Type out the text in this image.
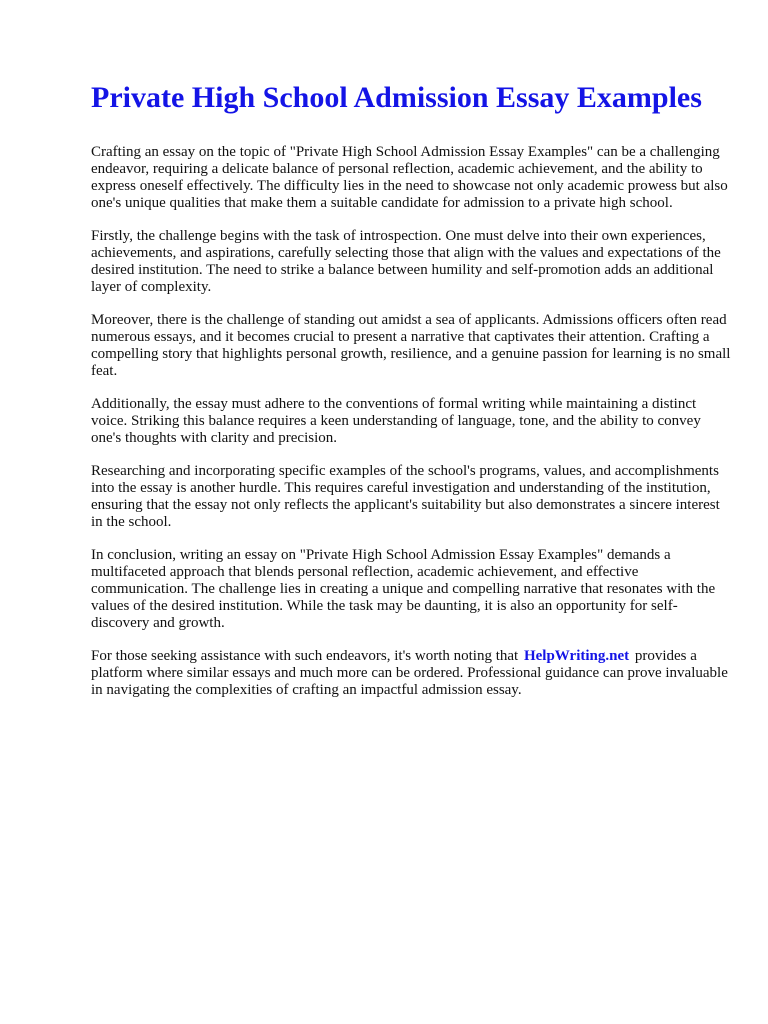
Private High School Admission Essay Examples

Crafting an essay on the topic of "Private High School Admission Essay Examples" can be a challenging endeavor, requiring a delicate balance of personal reflection, academic achievement, and the ability to express oneself effectively. The difficulty lies in the need to showcase not only academic prowess but also one's unique qualities that make them a suitable candidate for admission to a private high school.

Firstly, the challenge begins with the task of introspection. One must delve into their own experiences, achievements, and aspirations, carefully selecting those that align with the values and expectations of the desired institution. The need to strike a balance between humility and self-promotion adds an additional layer of complexity.

Moreover, there is the challenge of standing out amidst a sea of applicants. Admissions officers often read numerous essays, and it becomes crucial to present a narrative that captivates their attention. Crafting a compelling story that highlights personal growth, resilience, and a genuine passion for learning is no small feat.

Additionally, the essay must adhere to the conventions of formal writing while maintaining a distinct voice. Striking this balance requires a keen understanding of language, tone, and the ability to convey one's thoughts with clarity and precision.

Researching and incorporating specific examples of the school's programs, values, and accomplishments into the essay is another hurdle. This requires careful investigation and understanding of the institution, ensuring that the essay not only reflects the applicant's suitability but also demonstrates a sincere interest in the school.

In conclusion, writing an essay on "Private High School Admission Essay Examples" demands a multifaceted approach that blends personal reflection, academic achievement, and effective communication. The challenge lies in creating a unique and compelling narrative that resonates with the values of the desired institution. While the task may be daunting, it is also an opportunity for self-discovery and growth.

For those seeking assistance with such endeavors, it's worth noting that HelpWriting.net provides a platform where similar essays and much more can be ordered. Professional guidance can prove invaluable in navigating the complexities of crafting an impactful admission essay.
